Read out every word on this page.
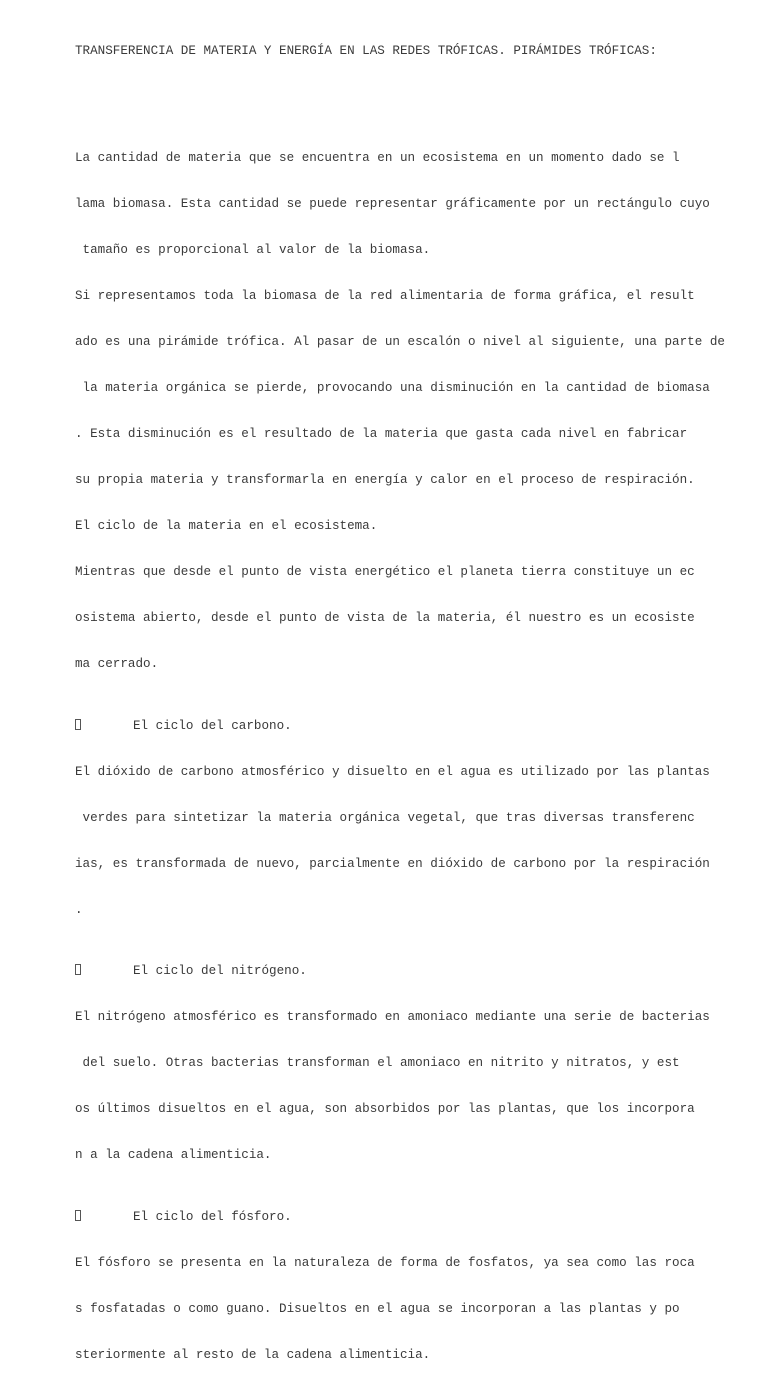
TRANSFERENCIA DE MATERIA Y ENERGÍA EN LAS REDES TRÓFICAS. PIRÁMIDES TRÓFICAS:

La cantidad de materia que se encuentra en un ecosistema en un momento dado se l

lama biomasa. Esta cantidad se puede representar gráficamente por un rectángulo cuyo

tamaño es proporcional al valor de la biomasa.

Si representamos toda la biomasa de la red alimentaria de forma gráfica, el result

ado es una pirámide trófica. Al pasar de un escalón o nivel al siguiente, una parte de

la materia orgánica se pierde, provocando una disminución en la cantidad de biomasa

. Esta disminución es el resultado de la materia que gasta cada nivel en fabricar

su propia materia y transformarla en energía y calor en el proceso de respiración.

El ciclo de la materia en el ecosistema.

Mientras que desde el punto de vista energético el planeta tierra constituye un ec

osistema abierto, desde el punto de vista de la materia, él nuestro es un ecosiste

ma cerrado.

El ciclo del carbono.

El dióxido de carbono atmosférico y disuelto en el agua es utilizado por las plantas

verdes para sintetizar la materia orgánica vegetal, que tras diversas transferenc

ias, es transformada de nuevo, parcialmente en dióxido de carbono por la respiración

.

El ciclo del nitrógeno.

El nitrógeno atmosférico es transformado en amoniaco mediante una serie de bacterias

del suelo. Otras bacterias transforman el amoniaco en nitrito y nitratos, y est

os últimos disueltos en el agua, son absorbidos por las plantas, que los incorpora

n a la cadena alimenticia.

El ciclo del fósforo.

El fósforo se presenta en la naturaleza de forma de fosfatos, ya sea como las roca

s fosfatadas o como guano. Disueltos en el agua se incorporan a las plantas y po

steriormente al resto de la cadena alimenticia.
